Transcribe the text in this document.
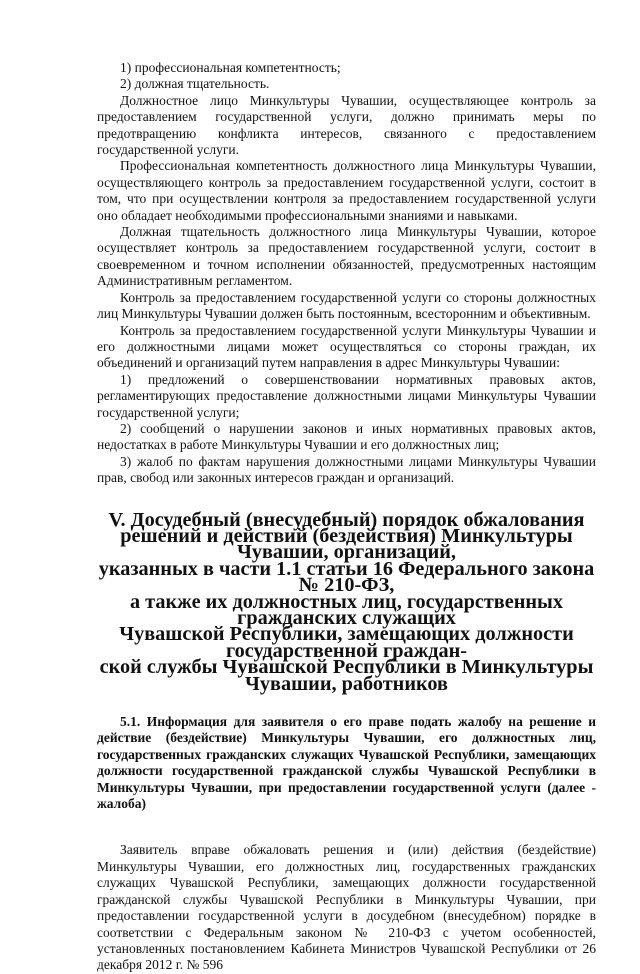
1) профессиональная компетентность;

2) должная тщательность.

Должностное лицо Минкультуры Чувашии, осуществляющее контроль за предоставлением государственной услуги, должно принимать меры по предотвращению конфликта интересов, связанного с предоставлением государственной услуги.

Профессиональная компетентность должностного лица Минкультуры Чувашии, осуществляющего контроль за предоставлением государственной услуги, состоит в том, что при осуществлении контроля за предоставлением государственной услуги оно обладает необходимыми профессиональными знаниями и навыками.

Должная тщательность должностного лица Минкультуры Чувашии, которое осуществляет контроль за предоставлением государственной услуги, состоит в своевременном и точном исполнении обязанностей, предусмотренных настоящим Административным регламентом.

Контроль за предоставлением государственной услуги со стороны должностных лиц Минкультуры Чувашии должен быть постоянным, всесторонним и объективным.

Контроль за предоставлением государственной услуги Минкультуры Чувашии и его должностными лицами может осуществляться со стороны граждан, их объединений и организаций путем направления в адрес Минкультуры Чувашии:

1) предложений о совершенствовании нормативных правовых актов, регламентирующих предоставление должностными лицами Минкультуры Чувашии государственной услуги;

2) сообщений о нарушении законов и иных нормативных правовых актов, недостатках в работе Минкультуры Чувашии и его должностных лиц;

3) жалоб по фактам нарушения должностными лицами Минкультуры Чувашии прав, свобод или законных интересов граждан и организаций.

V. Досудебный (внесудебный) порядок обжалования
решений и действий (бездействия) Минкультуры Чувашии, организаций,
указанных в части 1.1 статьи 16 Федерального закона № 210-ФЗ,
а также их должностных лиц, государственных гражданских служащих
Чувашской Республики, замещающих должности государственной граждан-
ской службы Чувашской Республики в Минкультуры Чувашии, работников

5.1. Информация для заявителя о его праве подать жалобу на решение и действие (бездействие) Минкультуры Чувашии, его должностных лиц, государственных гражданских служащих Чувашской Республики, замещающих должности государственной гражданской службы Чувашской Республики в Минкультуры Чувашии, при предоставлении государственной услуги (далее - жалоба)

Заявитель вправе обжаловать решения и (или) действия (бездействие) Минкультуры Чувашии, его должностных лиц, государственных гражданских служащих Чувашской Республики, замещающих должности государственной гражданской службы Чувашской Республики в Минкультуры Чувашии, при предоставлении государственной услуги в досудебном (внесудебном) порядке в соответствии с Федеральным законом № 210-ФЗ с учетом особенностей, установленных постановлением Кабинета Министров Чувашской Республики от 26 декабря 2012 г. № 596
